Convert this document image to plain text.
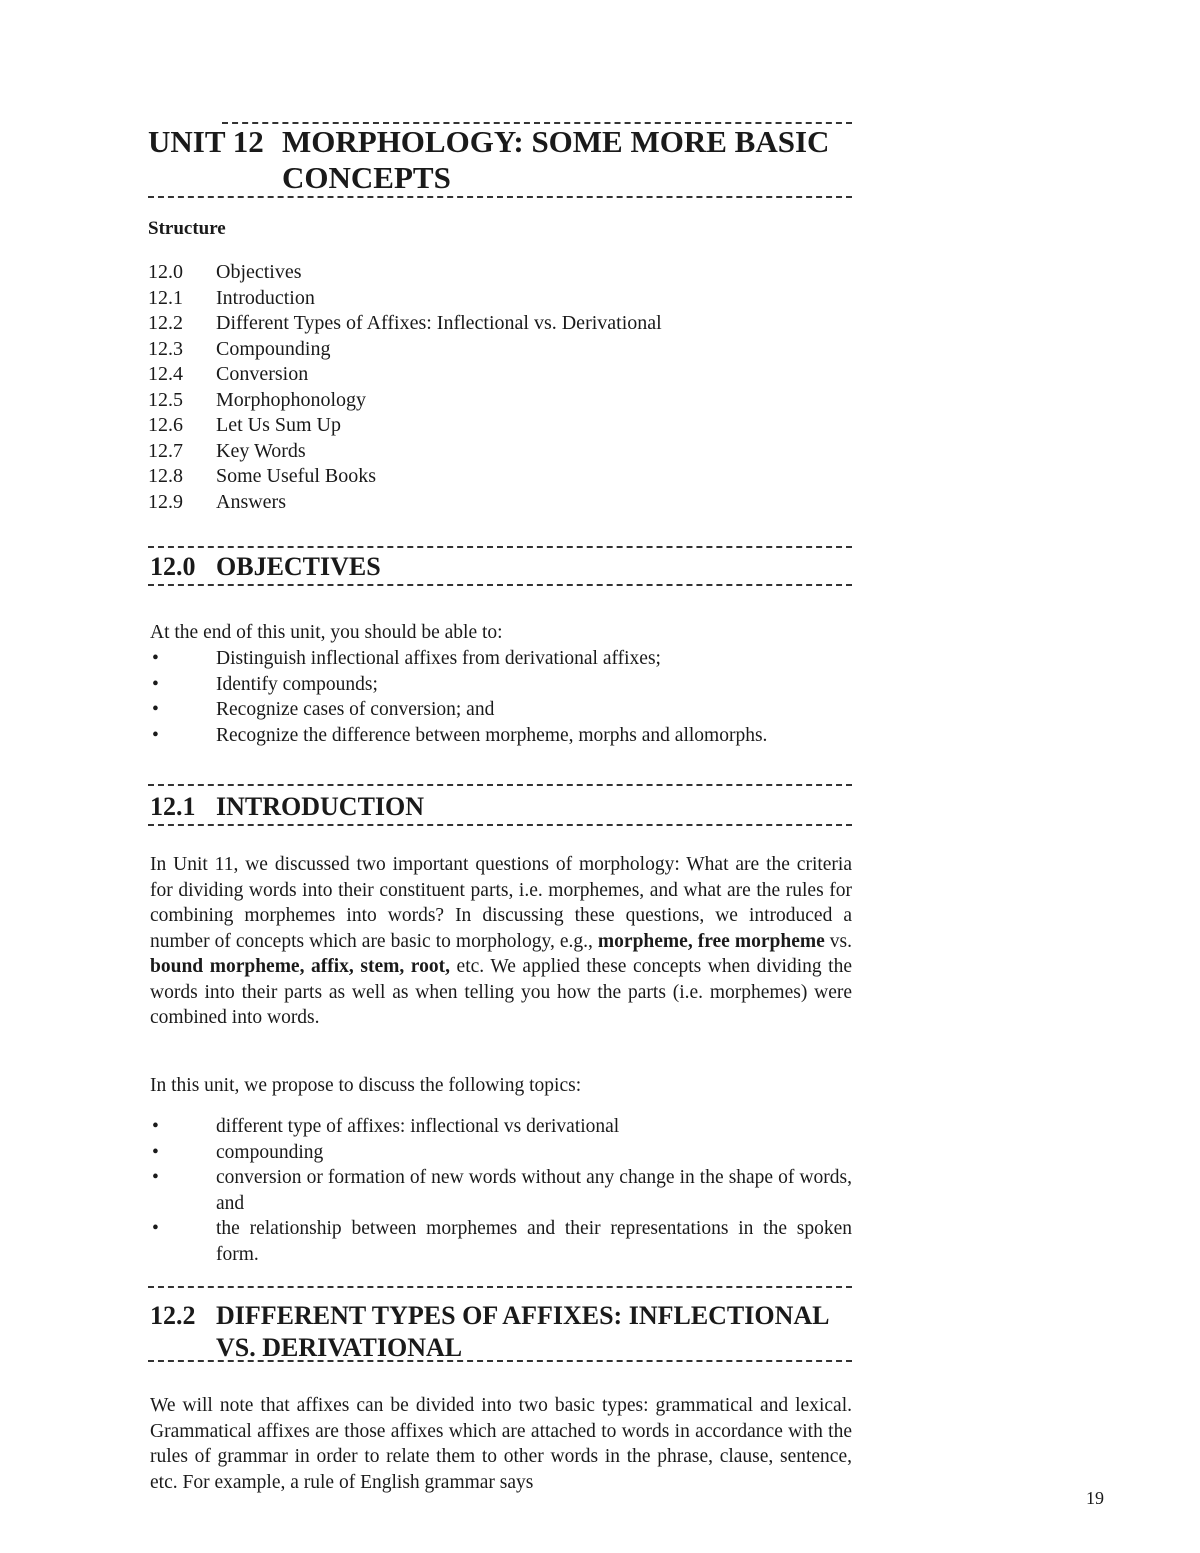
UNIT 12 MORPHOLOGY: SOME MORE BASIC
CONCEPTS
Structure
12.0 Objectives
12.1 Introduction
12.2 Different Types of Affixes: Inflectional vs. Derivational
12.3 Compounding
12.4 Conversion
12.5 Morphophonology
12.6 Let Us Sum Up
12.7 Key Words
12.8 Some Useful Books
12.9 Answers
12.0 OBJECTIVES

At the end of this unit, you should be able to:

•	Distinguish inflectional affixes from derivational affixes;
•	Identify compounds;
•	Recognize cases of conversion; and
•	Recognize the difference between morpheme, morphs and allomorphs.
12.1 INTRODUCTION

In Unit 11, we discussed two important questions of morphology: What are the criteria for dividing words into their constituent parts, i.e. morphemes, and what are the rules for combining morphemes into words? In discussing these questions, we introduced a number of concepts which are basic to morphology, e.g., morpheme, free morpheme vs. bound morpheme, affix, stem, root, etc. We applied these concepts when dividing the words into their parts as well as when telling you how the parts (i.e. morphemes) were combined into words.

In this unit, we propose to discuss the following topics:

•	different type of affixes: inflectional vs derivational
•	compounding
•	conversion or formation of new words without any change in the shape of words, and
•	the relationship between morphemes and their representations in the spoken form.
12.2 DIFFERENT TYPES OF AFFIXES: INFLECTIONAL
VS. DERIVATIONAL

We will note that affixes can be divided into two basic types: grammatical and lexical. Grammatical affixes are those affixes which are attached to words in accordance with the rules of grammar in order to relate them to other words in the phrase, clause, sentence, etc. For example, a rule of English grammar says

19
